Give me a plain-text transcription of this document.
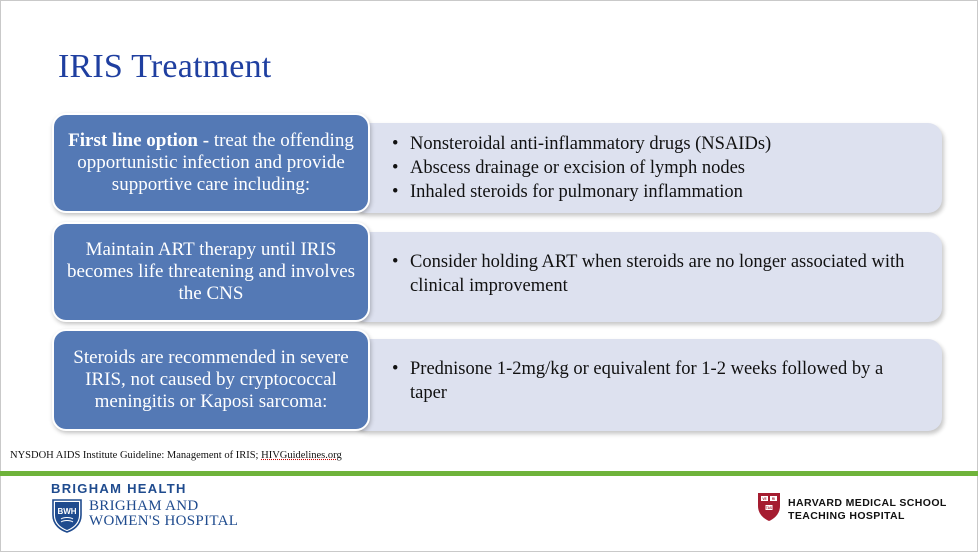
IRIS Treatment
• Nonsteroidal anti-inflammatory drugs (NSAIDs)
• Abscess drainage or excision of lymph nodes
• Inhaled steroids for pulmonary inflammation
First line option - treat the offending opportunistic infection and provide supportive care including:
• Consider holding ART when steroids are no longer associated with clinical improvement
Maintain ART therapy until IRIS becomes life threatening and involves the CNS
• Prednisone 1-2mg/kg or equivalent for 1-2 weeks followed by a taper
Steroids are recommended in severe IRIS, not caused by cryptococcal meningitis or Kaposi sarcoma:
NYSDOH AIDS Institute Guideline: Management of IRIS; HIVGuidelines.org
BRIGHAM HEALTH
BWH BRIGHAM AND
WOMEN'S HOSPITAL
VE RI
TAS HARVARD MEDICAL SCHOOL
TEACHING HOSPITAL
